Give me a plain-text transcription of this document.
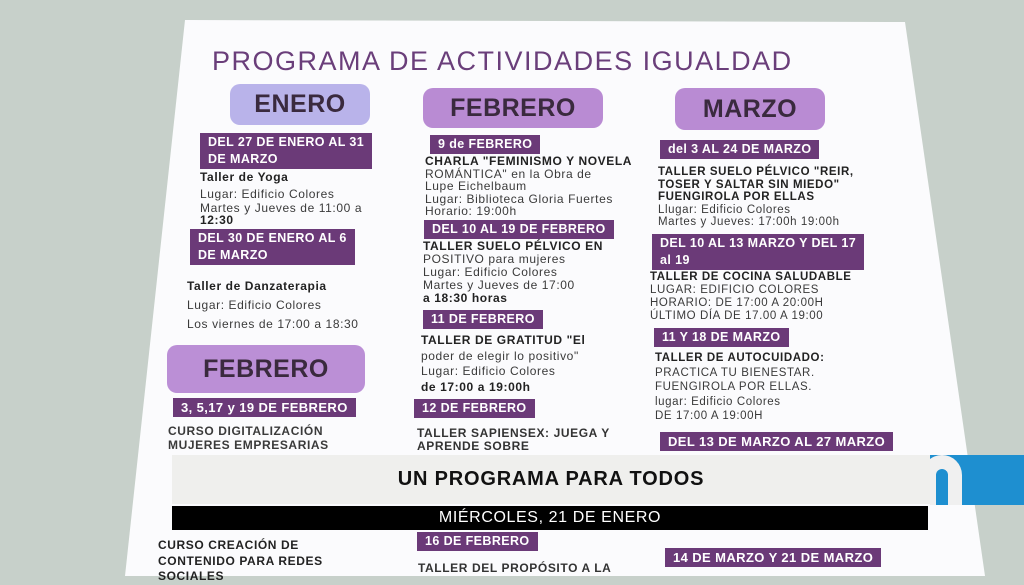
PROGRAMA DE ACTIVIDADES IGUALDAD
ENERO	FEBRERO	MARZO
FEBRERO
DEL 27 DE ENERO AL 31
DE MARZO
Taller de Yoga
Lugar: Edificio Colores
Martes y Jueves de 11:00 a
12:30
DEL 30 DE ENERO AL 6
DE MARZO
Taller de Danzaterapia
Lugar: Edificio Colores
Los viernes de 17:00 a 18:30
3, 5,17 y 19 DE FEBRERO
CURSO DIGITALIZACIÓN
MUJERES EMPRESARIAS
CURSO CREACIÓN DE
CONTENIDO PARA REDES
SOCIALES
9 de FEBRERO
CHARLA "FEMINISMO Y NOVELA
ROMÁNTICA" en la Obra de
Lupe Eichelbaum
Lugar: Biblioteca Gloria Fuertes
Horario: 19:00h
DEL 10 AL 19 DE FEBRERO
TALLER SUELO PÉLVICO EN
POSITIVO para mujeres
Lugar: Edificio Colores
Martes y Jueves de 17:00
a 18:30 horas
11 DE FEBRERO
TALLER DE GRATITUD "El
poder de elegir lo positivo"
Lugar: Edificio Colores
de 17:00 a 19:00h
12 DE FEBRERO
TALLER SAPIENSEX: JUEGA Y
APRENDE SOBRE
16 DE FEBRERO
TALLER DEL PROPÓSITO A LA
del 3 AL 24 DE MARZO
TALLER SUELO PÉLVICO "REIR,
TOSER Y SALTAR SIN MIEDO"
FUENGIROLA POR ELLAS
Llugar: Edificio Colores
Martes y Jueves: 17:00h 19:00h
DEL 10 AL 13 MARZO Y DEL 17
al 19
TALLER DE COCINA SALUDABLE
LUGAR: EDIFICIO COLORES
HORARIO: DE 17:00 A 20:00H
ÚLTIMO DÍA DE 17.00 A 19:00
11 Y 18 DE MARZO
TALLER DE AUTOCUIDADO:
PRACTICA TU BIENESTAR.
FUENGIROLA POR ELLAS.
lugar: Edificio Colores
DE 17:00 A 19:00H
DEL 13 DE MARZO AL 27 MARZO
14 DE MARZO Y 21 DE MARZO
UN PROGRAMA PARA TODOS
MIÉRCOLES, 21 DE ENERO
